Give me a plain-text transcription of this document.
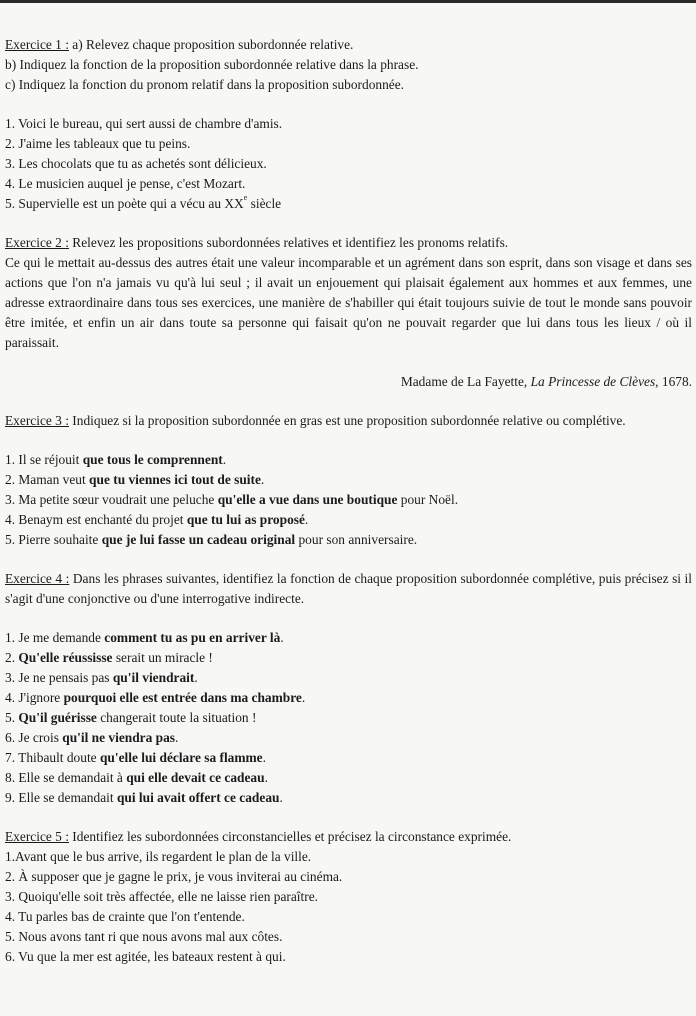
Exercice 1 : a) Relevez chaque proposition subordonnée relative.
b) Indiquez la fonction de la proposition subordonnée relative dans la phrase.
c) Indiquez la fonction du pronom relatif dans la proposition subordonnée.
1. Voici le bureau, qui sert aussi de chambre d'amis.
2. J'aime les tableaux que tu peins.
3. Les chocolats que tu as achetés sont délicieux.
4. Le musicien auquel je pense, c'est Mozart.
5. Supervielle est un poète qui a vécu au XXe siècle
Exercice 2 : Relevez les propositions subordonnées relatives et identifiez les pronoms relatifs.
Ce qui le mettait au-dessus des autres était une valeur incomparable et un agrément dans son esprit, dans son visage et dans ses actions que l'on n'a jamais vu qu'à lui seul ; il avait un enjouement qui plaisait également aux hommes et aux femmes, une adresse extraordinaire dans tous ses exercices, une manière de s'habiller qui était toujours suivie de tout le monde sans pouvoir être imitée, et enfin un air dans toute sa personne qui faisait qu'on ne pouvait regarder que lui dans tous les lieux / où il paraissait.
Madame de La Fayette, La Princesse de Clèves, 1678.
Exercice 3 : Indiquez si la proposition subordonnée en gras est une proposition subordonnée relative ou complétive.
1. Il se réjouit que tous le comprennent.
2. Maman veut que tu viennes ici tout de suite.
3. Ma petite sœur voudrait une peluche qu'elle a vue dans une boutique pour Noël.
4. Benaym est enchanté du projet que tu lui as proposé.
5. Pierre souhaite que je lui fasse un cadeau original pour son anniversaire.
Exercice 4 : Dans les phrases suivantes, identifiez la fonction de chaque proposition subordonnée complétive, puis précisez si il s'agit d'une conjonctive ou d'une interrogative indirecte.
1. Je me demande comment tu as pu en arriver là.
2. Qu'elle réussisse serait un miracle !
3. Je ne pensais pas qu'il viendrait.
4. J'ignore pourquoi elle est entrée dans ma chambre.
5. Qu'il guérisse changerait toute la situation !
6. Je crois qu'il ne viendra pas.
7. Thibault doute qu'elle lui déclare sa flamme.
8. Elle se demandait à qui elle devait ce cadeau.
9. Elle se demandait qui lui avait offert ce cadeau.
Exercice 5 : Identifiez les subordonnées circonstancielles et précisez la circonstance exprimée.
1.Avant que le bus arrive, ils regardent le plan de la ville.
2. À supposer que je gagne le prix, je vous inviterai au cinéma.
3. Quoiqu'elle soit très affectée, elle ne laisse rien paraître.
4. Tu parles bas de crainte que l'on t'entende.
5. Nous avons tant ri que nous avons mal aux côtes.
6. Vu que la mer est agitée, les bateaux restent à qui.
